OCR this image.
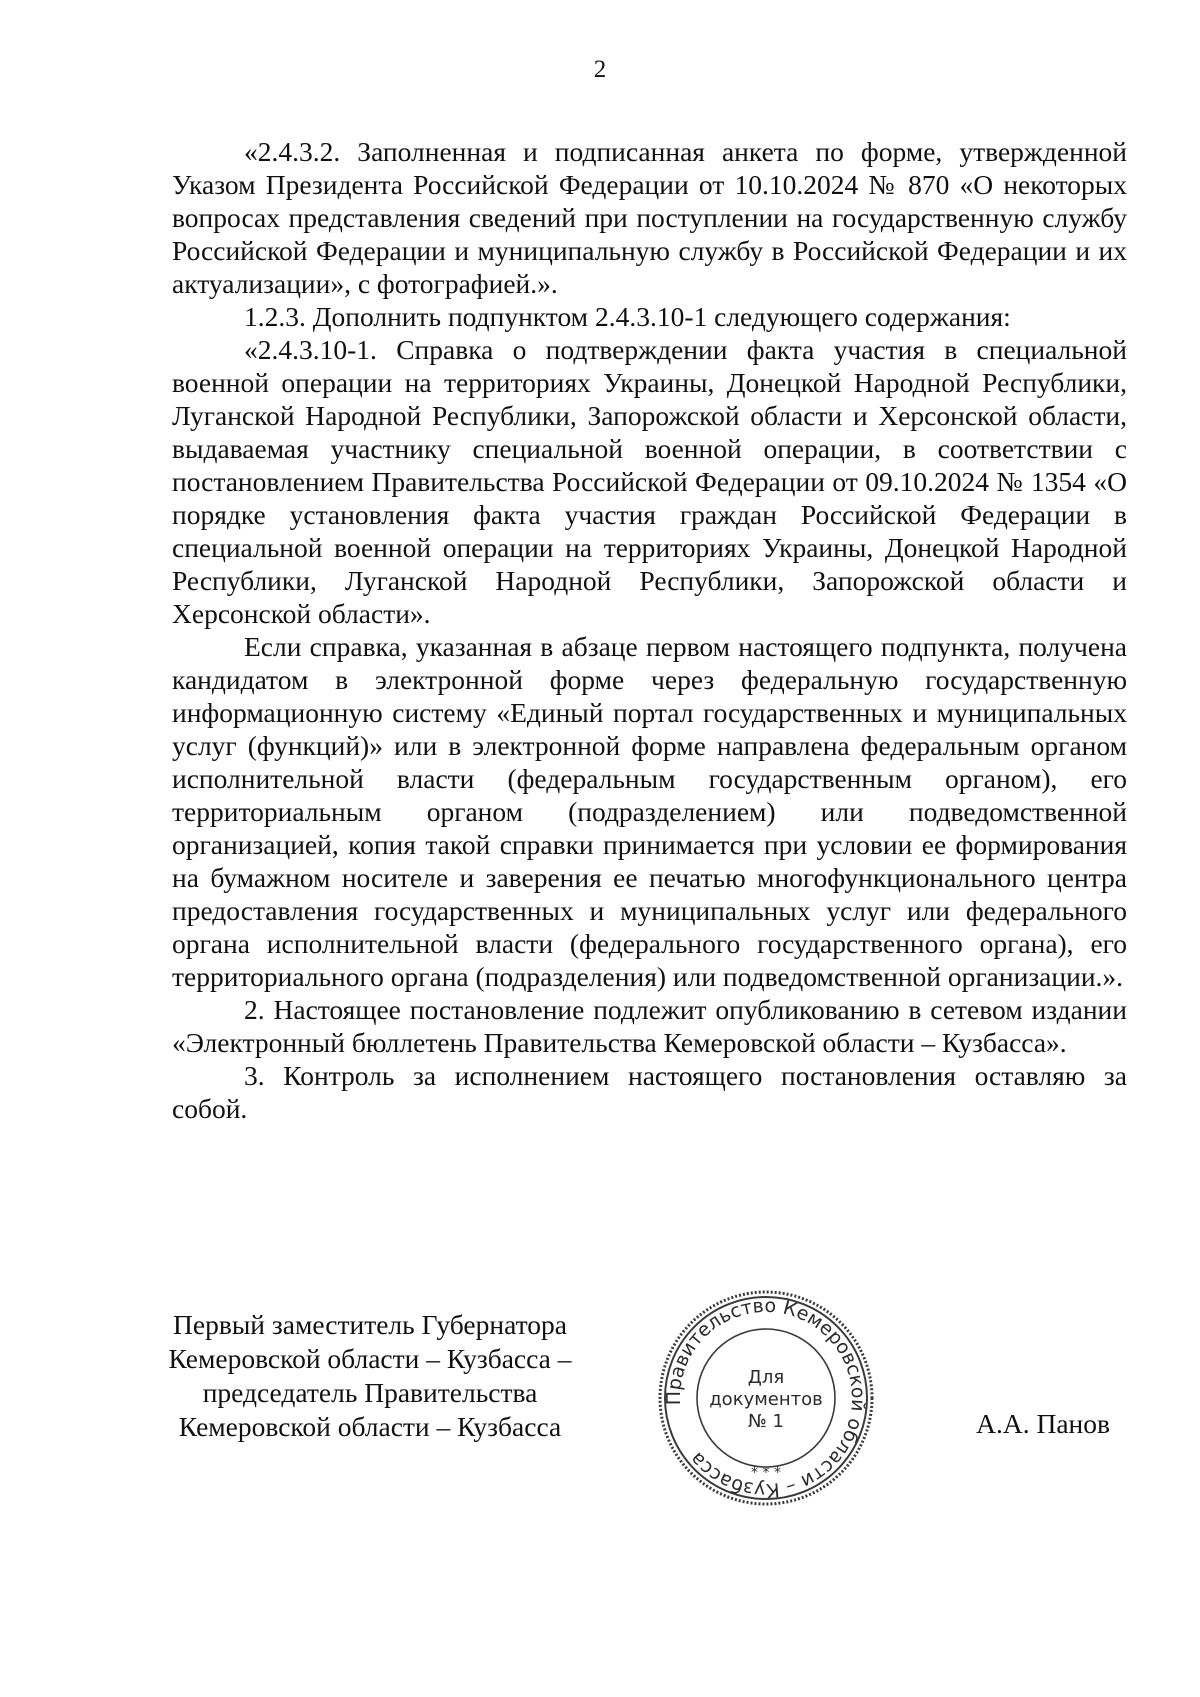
2

«2.4.3.2. Заполненная и подписанная анкета по форме, утвержденной Указом Президента Российской Федерации от 10.10.2024 № 870 «О некоторых вопросах представления сведений при поступлении на государственную службу Российской Федерации и муниципальную службу в Российской Федерации и их актуализации», с фотографией.».

1.2.3. Дополнить подпунктом 2.4.3.10-1 следующего содержания:

«2.4.3.10-1. Справка о подтверждении факта участия в специальной военной операции на территориях Украины, Донецкой Народной Республики, Луганской Народной Республики, Запорожской области и Херсонской области, выдаваемая участнику специальной военной операции, в соответствии с постановлением Правительства Российской Федерации от 09.10.2024 № 1354 «О порядке установления факта участия граждан Российской Федерации в специальной военной операции на территориях Украины, Донецкой Народной Республики, Луганской Народной Республики, Запорожской области и Херсонской области».

Если справка, указанная в абзаце первом настоящего подпункта, получена кандидатом в электронной форме через федеральную государственную информационную систему «Единый портал государственных и муниципальных услуг (функций)» или в электронной форме направлена федеральным органом исполнительной власти (федеральным государственным органом), его территориальным органом (подразделением) или подведомственной организацией, копия такой справки принимается при условии ее формирования на бумажном носителе и заверения ее печатью многофункционального центра предоставления государственных и муниципальных услуг или федерального органа исполнительной власти (федерального государственного органа), его территориального органа (подразделения) или подведомственной организации.».

2. Настоящее постановление подлежит опубликованию в сетевом издании «Электронный бюллетень Правительства Кемеровской области – Кузбасса».

3. Контроль за исполнением настоящего постановления оставляю за собой.

Первый заместитель Губернатора
Кемеровской области – Кузбасса –
председатель Правительства
Кемеровской области – Кузбасса
Правительство Кемеровской области – Кузбасса
Для
документов
№ 1
* * *
А.А. Панов
